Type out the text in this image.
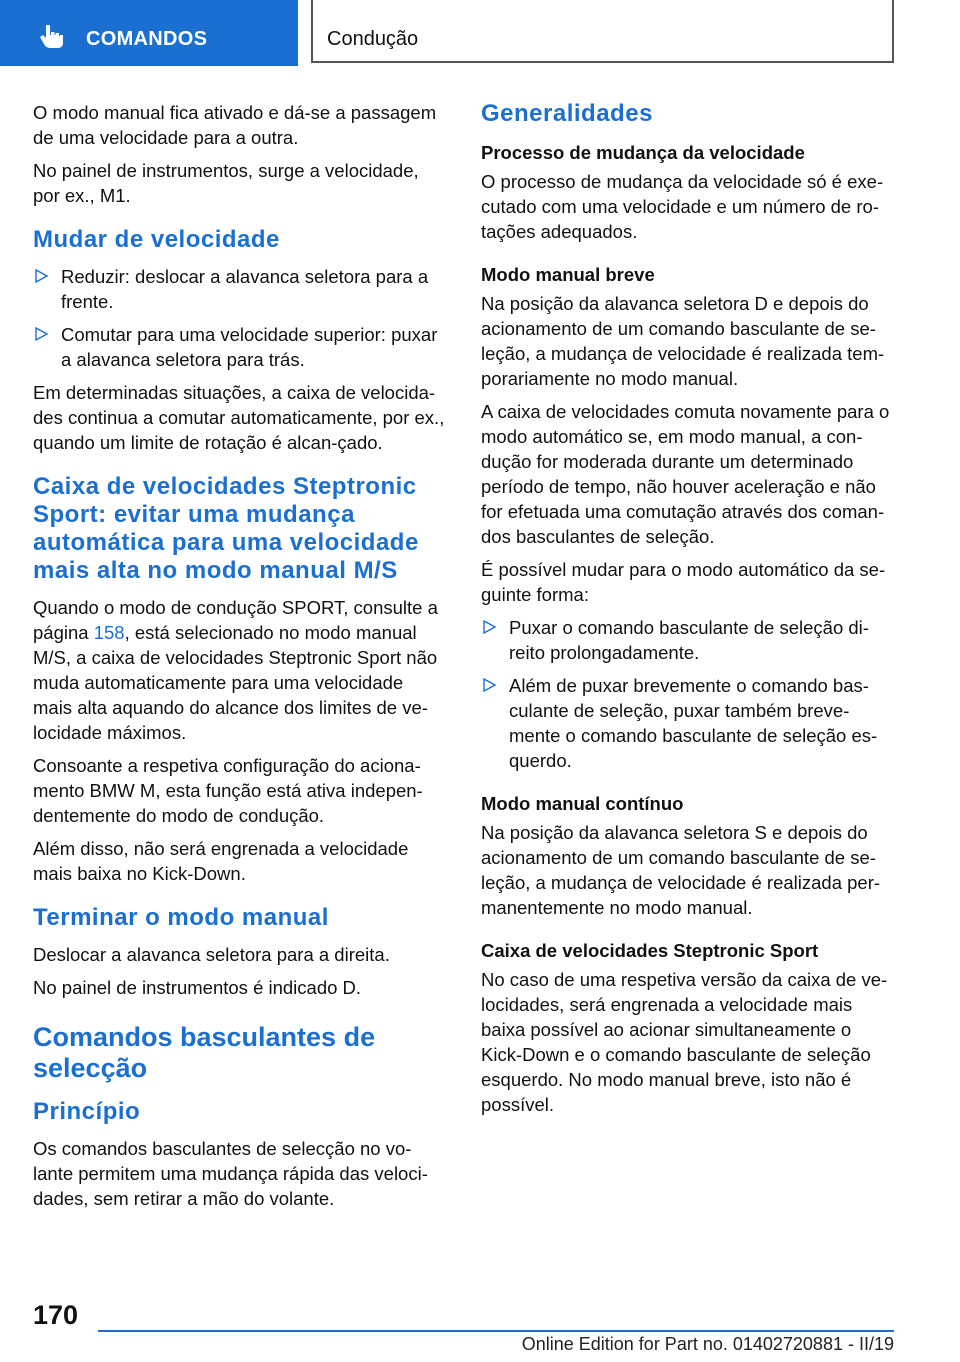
COMANDOS	Condução

O modo manual fica ativado e dá-se a passagem de uma velocidade para a outra.

No painel de instrumentos, surge a velocidade, por ex., M1.

Mudar de velocidade
Reduzir: deslocar a alavanca seletora para a frente.
Comutar para uma velocidade superior: puxar a alavanca seletora para trás.

Em determinadas situações, a caixa de velocida-des continua a comutar automaticamente, por ex., quando um limite de rotação é alcan-çado.

Caixa de velocidades Steptronic Sport: evitar uma mudança automática para uma velocidade mais alta no modo manual M/S

Quando o modo de condução SPORT, consulte a página 158, está selecionado no modo manual M/S, a caixa de velocidades Steptronic Sport não muda automaticamente para uma velocidade mais alta aquando do alcance dos limites de ve-locidade máximos.

Consoante a respetiva configuração do aciona-mento BMW M, esta função está ativa indepen-dentemente do modo de condução.

Além disso, não será engrenada a velocidade mais baixa no Kick-Down.

Terminar o modo manual

Deslocar a alavanca seletora para a direita.

No painel de instrumentos é indicado D.

Comandos basculantes de selecção
Princípio

Os comandos basculantes de selecção no vo-lante permitem uma mudança rápida das veloci-dades, sem retirar a mão do volante.

Generalidades
Processo de mudança da velocidade

O processo de mudança da velocidade só é exe-cutado com uma velocidade e um número de ro-tações adequados.

Modo manual breve

Na posição da alavanca seletora D e depois do acionamento de um comando basculante de se-leção, a mudança de velocidade é realizada tem-porariamente no modo manual.

A caixa de velocidades comuta novamente para o modo automático se, em modo manual, a con-dução for moderada durante um determinado período de tempo, não houver aceleração e não for efetuada uma comutação através dos coman-dos basculantes de seleção.

É possível mudar para o modo automático da se-guinte forma:

Puxar o comando basculante de seleção di-reito prolongadamente.
Além de puxar brevemente o comando bas-culante de seleção, puxar também breve-mente o comando basculante de seleção es-querdo.
Modo manual contínuo

Na posição da alavanca seletora S e depois do acionamento de um comando basculante de se-leção, a mudança de velocidade é realizada per-manentemente no modo manual.

Caixa de velocidades Steptronic Sport

No caso de uma respetiva versão da caixa de ve-locidades, será engrenada a velocidade mais baixa possível ao acionar simultaneamente o Kick-Down e o comando basculante de seleção esquerdo. No modo manual breve, isto não é possível.

170
Online Edition for Part no. 01402720881 - II/19
